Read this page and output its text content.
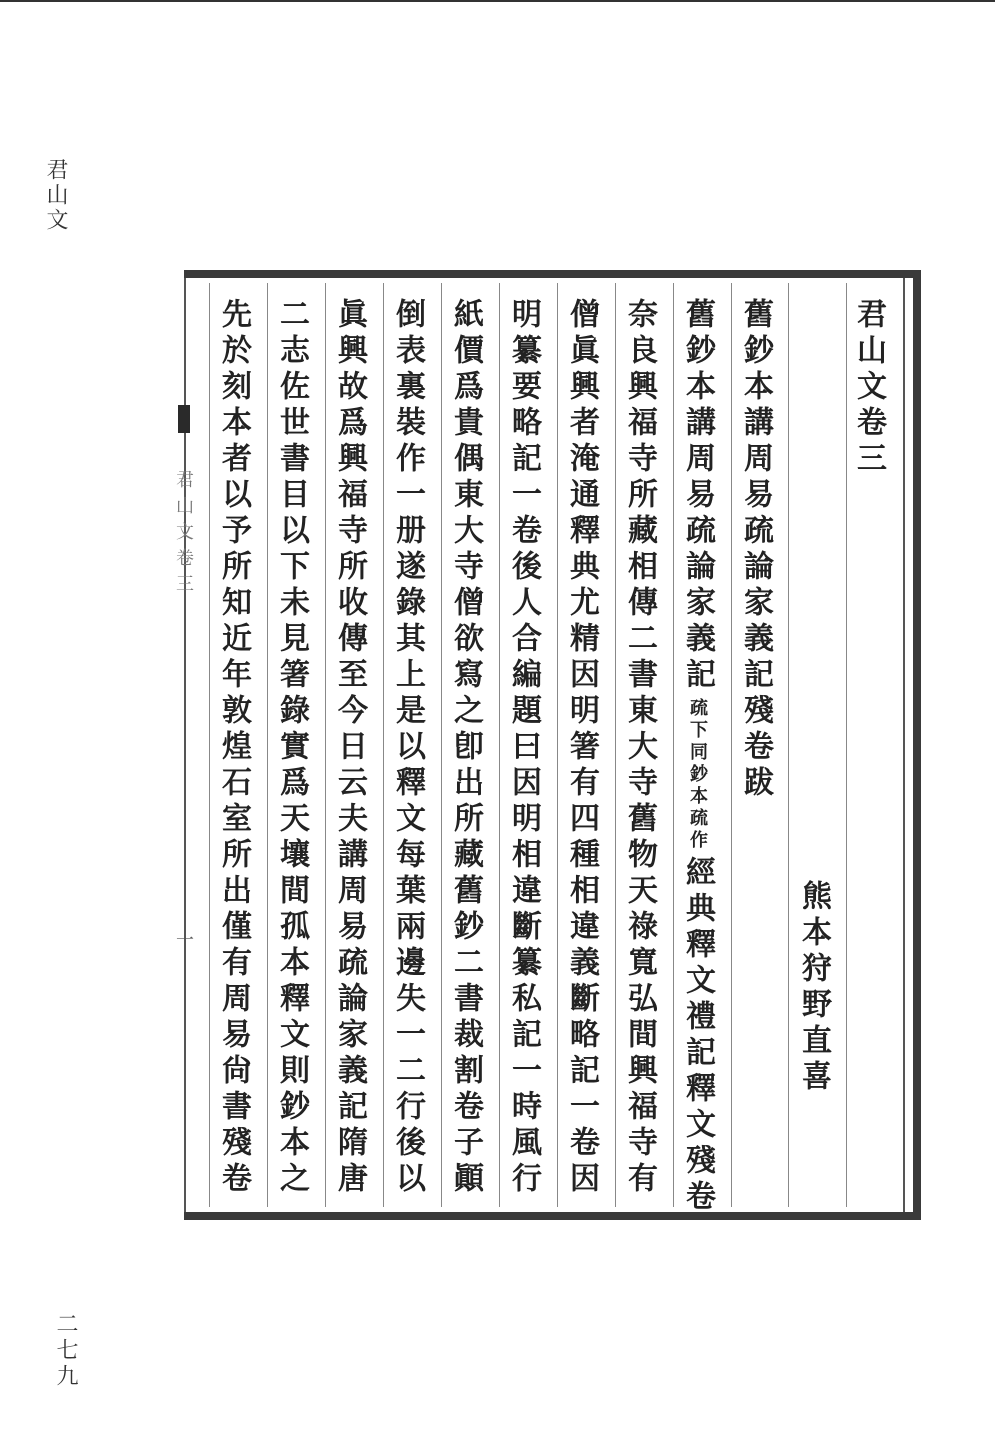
君山文
二七九
君山文卷三
一
君山文卷三
熊本狩野直喜
舊鈔本講周易疏論家義記殘卷跋
舊鈔本講周易疏論家義記
鈔本疏作
疏下同
經典釋文禮記釋文殘卷
奈良興福寺所藏相傳二書東大寺舊物天祿寬弘間興福寺有
僧眞興者淹通釋典尤精因明箸有四種相違義斷略記一卷因
明纂要略記一卷後人合編題曰因明相違斷纂私記一時風行
紙價爲貴偶東大寺僧欲寫之卽出所藏舊鈔二書裁割卷子顚
倒表裏裝作一册遂錄其上是以釋文每葉兩邊失一二行後以
眞興故爲興福寺所收傳至今日云夫講周易疏論家義記隋唐
二志佐世書目以下未見箸錄實爲天壤間孤本釋文則鈔本之
先於刻本者以予所知近年敦煌石室所出僅有周易尙書殘卷
